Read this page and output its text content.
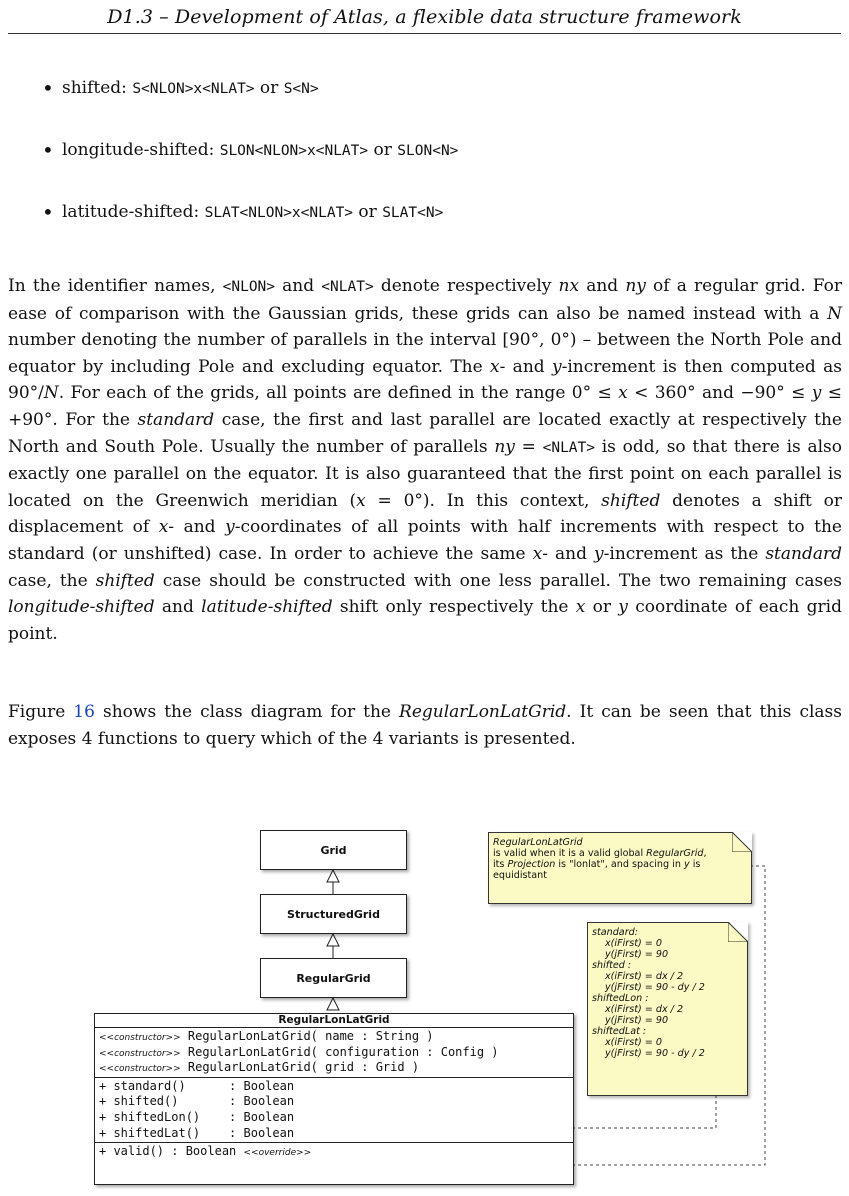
D1.3 – Development of Atlas, a flexible data structure framework
• shifted: S<NLON>x<NLAT> or S<N>
• longitude-shifted: SLON<NLON>x<NLAT> or SLON<N>
• latitude-shifted: SLAT<NLON>x<NLAT> or SLAT<N>

In the identifier names, <NLON> and <NLAT> denote respectively nx and ny of a regular grid. For ease of comparison with the Gaussian grids, these grids can also be named instead with a N number denoting the number of parallels in the interval [90°, 0°) – between the North Pole and equator by including Pole and excluding equator. The x- and y-increment is then computed as 90°/N. For each of the grids, all points are defined in the range 0° ≤ x < 360° and −90° ≤ y ≤ +90°. For the standard case, the first and last parallel are located exactly at respectively the North and South Pole. Usually the number of parallels ny = <NLAT> is odd, so that there is also exactly one parallel on the equator. It is also guaranteed that the first point on each parallel is located on the Greenwich meridian (x = 0°). In this context, shifted denotes a shift or displacement of x- and y-coordinates of all points with half increments with respect to the standard (or unshifted) case. In order to achieve the same x- and y-increment as the standard case, the shifted case should be constructed with one less parallel. The two remaining cases longitude-shifted and latitude-shifted shift only respectively the x or y coordinate of each grid point.

Figure 16 shows the class diagram for the RegularLonLatGrid. It can be seen that this class exposes 4 functions to query which of the 4 variants is presented.

Grid
StructuredGrid
RegularGrid
RegularLonLatGrid
<<constructor>> RegularLonLatGrid( name : String )
<<constructor>> RegularLonLatGrid( configuration : Config )
<<constructor>> RegularLonLatGrid( grid : Grid )
+ standard()      : Boolean
+ shifted()       : Boolean
+ shiftedLon()    : Boolean
+ shiftedLat()    : Boolean
+ valid() : Boolean <<override>>
RegularLonLatGrid
is valid when it is a valid global RegularGrid,
its Projection is "lonlat", and spacing in y is
equidistant
standard:
x(iFirst) = 0
y(jFirst) = 90
shifted :
x(iFirst) = dx / 2
y(jFirst) = 90 - dy / 2
shiftedLon :
x(iFirst) = dx / 2
y(jFirst) = 90
shiftedLat :
x(iFirst) = 0
y(jFirst) = 90 - dy / 2
